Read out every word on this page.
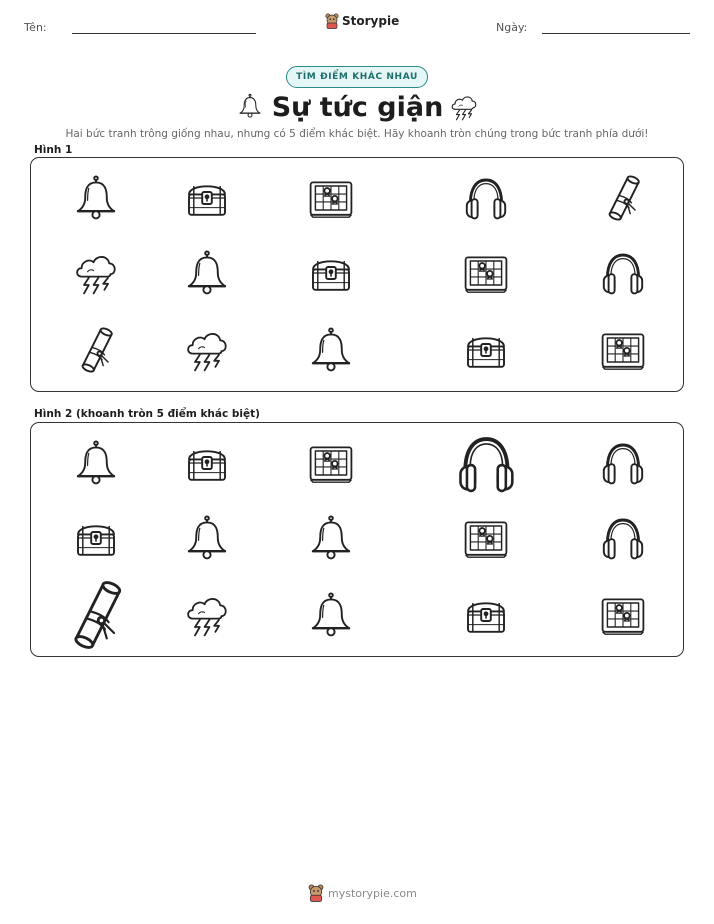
Tên:	Storypie	Ngày:
TÌM ĐIỂM KHÁC NHAU
Sự tức giận
Hai bức tranh trông giống nhau, nhưng có 5 điểm khác biệt. Hãy khoanh tròn chúng trong bức tranh phía dưới!
Hình 1
Hình 2 (khoanh tròn 5 điểm khác biệt)
mystorypie.com
